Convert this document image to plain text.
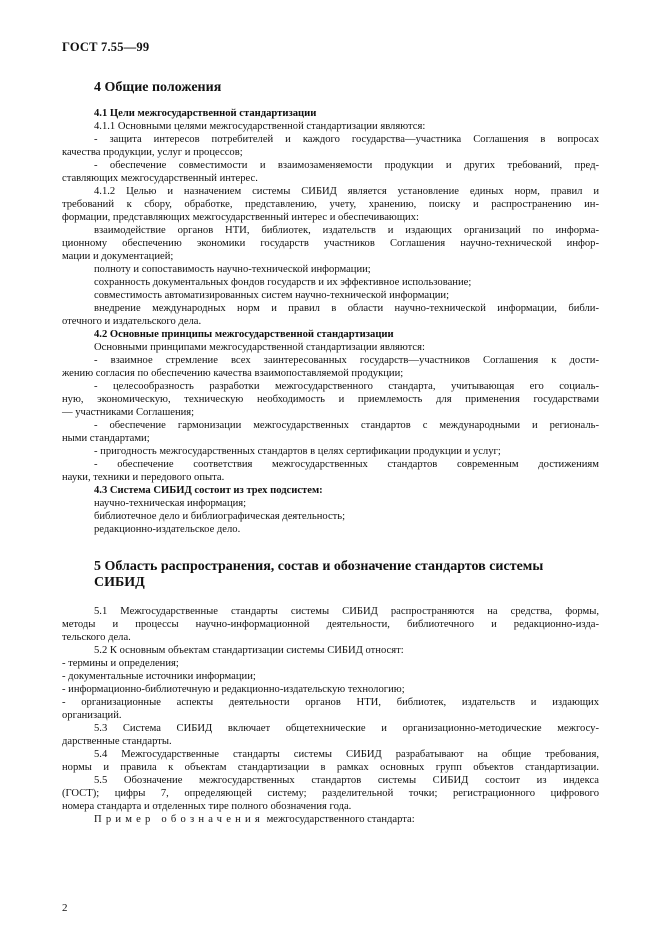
ГОСТ 7.55—99
4 Общие положения
4.1 Цели межгосударственной стандартизации
4.1.1 Основными целями межгосударственной стандартизации являются:
- защита интересов потребителей и каждого государства—участника Соглашения в вопросах
качества продукции, услуг и процессов;
- обеспечение совместимости и взаимозаменяемости продукции и других требований, пред-
ставляющих межгосударственный интерес.
4.1.2 Целью и назначением системы СИБИД является установление единых норм, правил и
требований к сбору, обработке, представлению, учету, хранению, поиску и распространению ин-
формации, представляющих межгосударственный интерес и обеспечивающих:
взаимодействие органов НТИ, библиотек, издательств и издающих организаций по информа-
ционному обеспечению экономики государств участников Соглашения научно-технической инфор-
мации и документацией;
полноту и сопоставимость научно-технической информации;
сохранность документальных фондов государств и их эффективное использование;
совместимость автоматизированных систем научно-технической информации;
внедрение международных норм и правил в области научно-технической информации, библи-
отечного и издательского дела.
4.2 Основные принципы межгосударственной стандартизации
Основными принципами межгосударственной стандартизации являются:
- взаимное стремление всех заинтересованных государств—участников Соглашения к дости-
жению согласия по обеспечению качества взаимопоставляемой продукции;
- целесообразность разработки межгосударственного стандарта, учитывающая его социаль-
ную, экономическую, техническую необходимость и приемлемость для применения государствами
— участниками Соглашения;
- обеспечение гармонизации межгосударственных стандартов с международными и региональ-
ными стандартами;
- пригодность межгосударственных стандартов в целях сертификации продукции и услуг;
- обеспечение соответствия межгосударственных стандартов современным достижениям
науки, техники и передового опыта.
4.3 Система СИБИД состоит из трех подсистем:
научно-техническая информация;
библиотечное дело и библиографическая деятельность;
редакционно-издательское дело.
5 Область распространения, состав и обозначение стандартов системы
СИБИД
5.1 Межгосударственные стандарты системы СИБИД распространяются на средства, формы,
методы и процессы научно-информационной деятельности, библиотечного и редакционно-изда-
тельского дела.
5.2 К основным объектам стандартизации системы СИБИД относят:
- термины и определения;
- документальные источники информации;
- информационно-библиотечную и редакционно-издательскую технологию;
- организационные аспекты деятельности органов НТИ, библиотек, издательств и издающих
организаций.
5.3 Система СИБИД включает общетехнические и организационно-методические межгосу-
дарственные стандарты.
5.4 Межгосударственные стандарты системы СИБИД разрабатывают на общие требования,
нормы и правила к объектам стандартизации в рамках основных групп объектов стандартизации.
5.5 Обозначение межгосударственных стандартов системы СИБИД состоит из индекса
(ГОСТ); цифры 7, определяющей систему; разделительной точки; регистрационного цифрового
номера стандарта и отделенных тире полного обозначения года.
Пример обозначения межгосударственного стандарта:
2
